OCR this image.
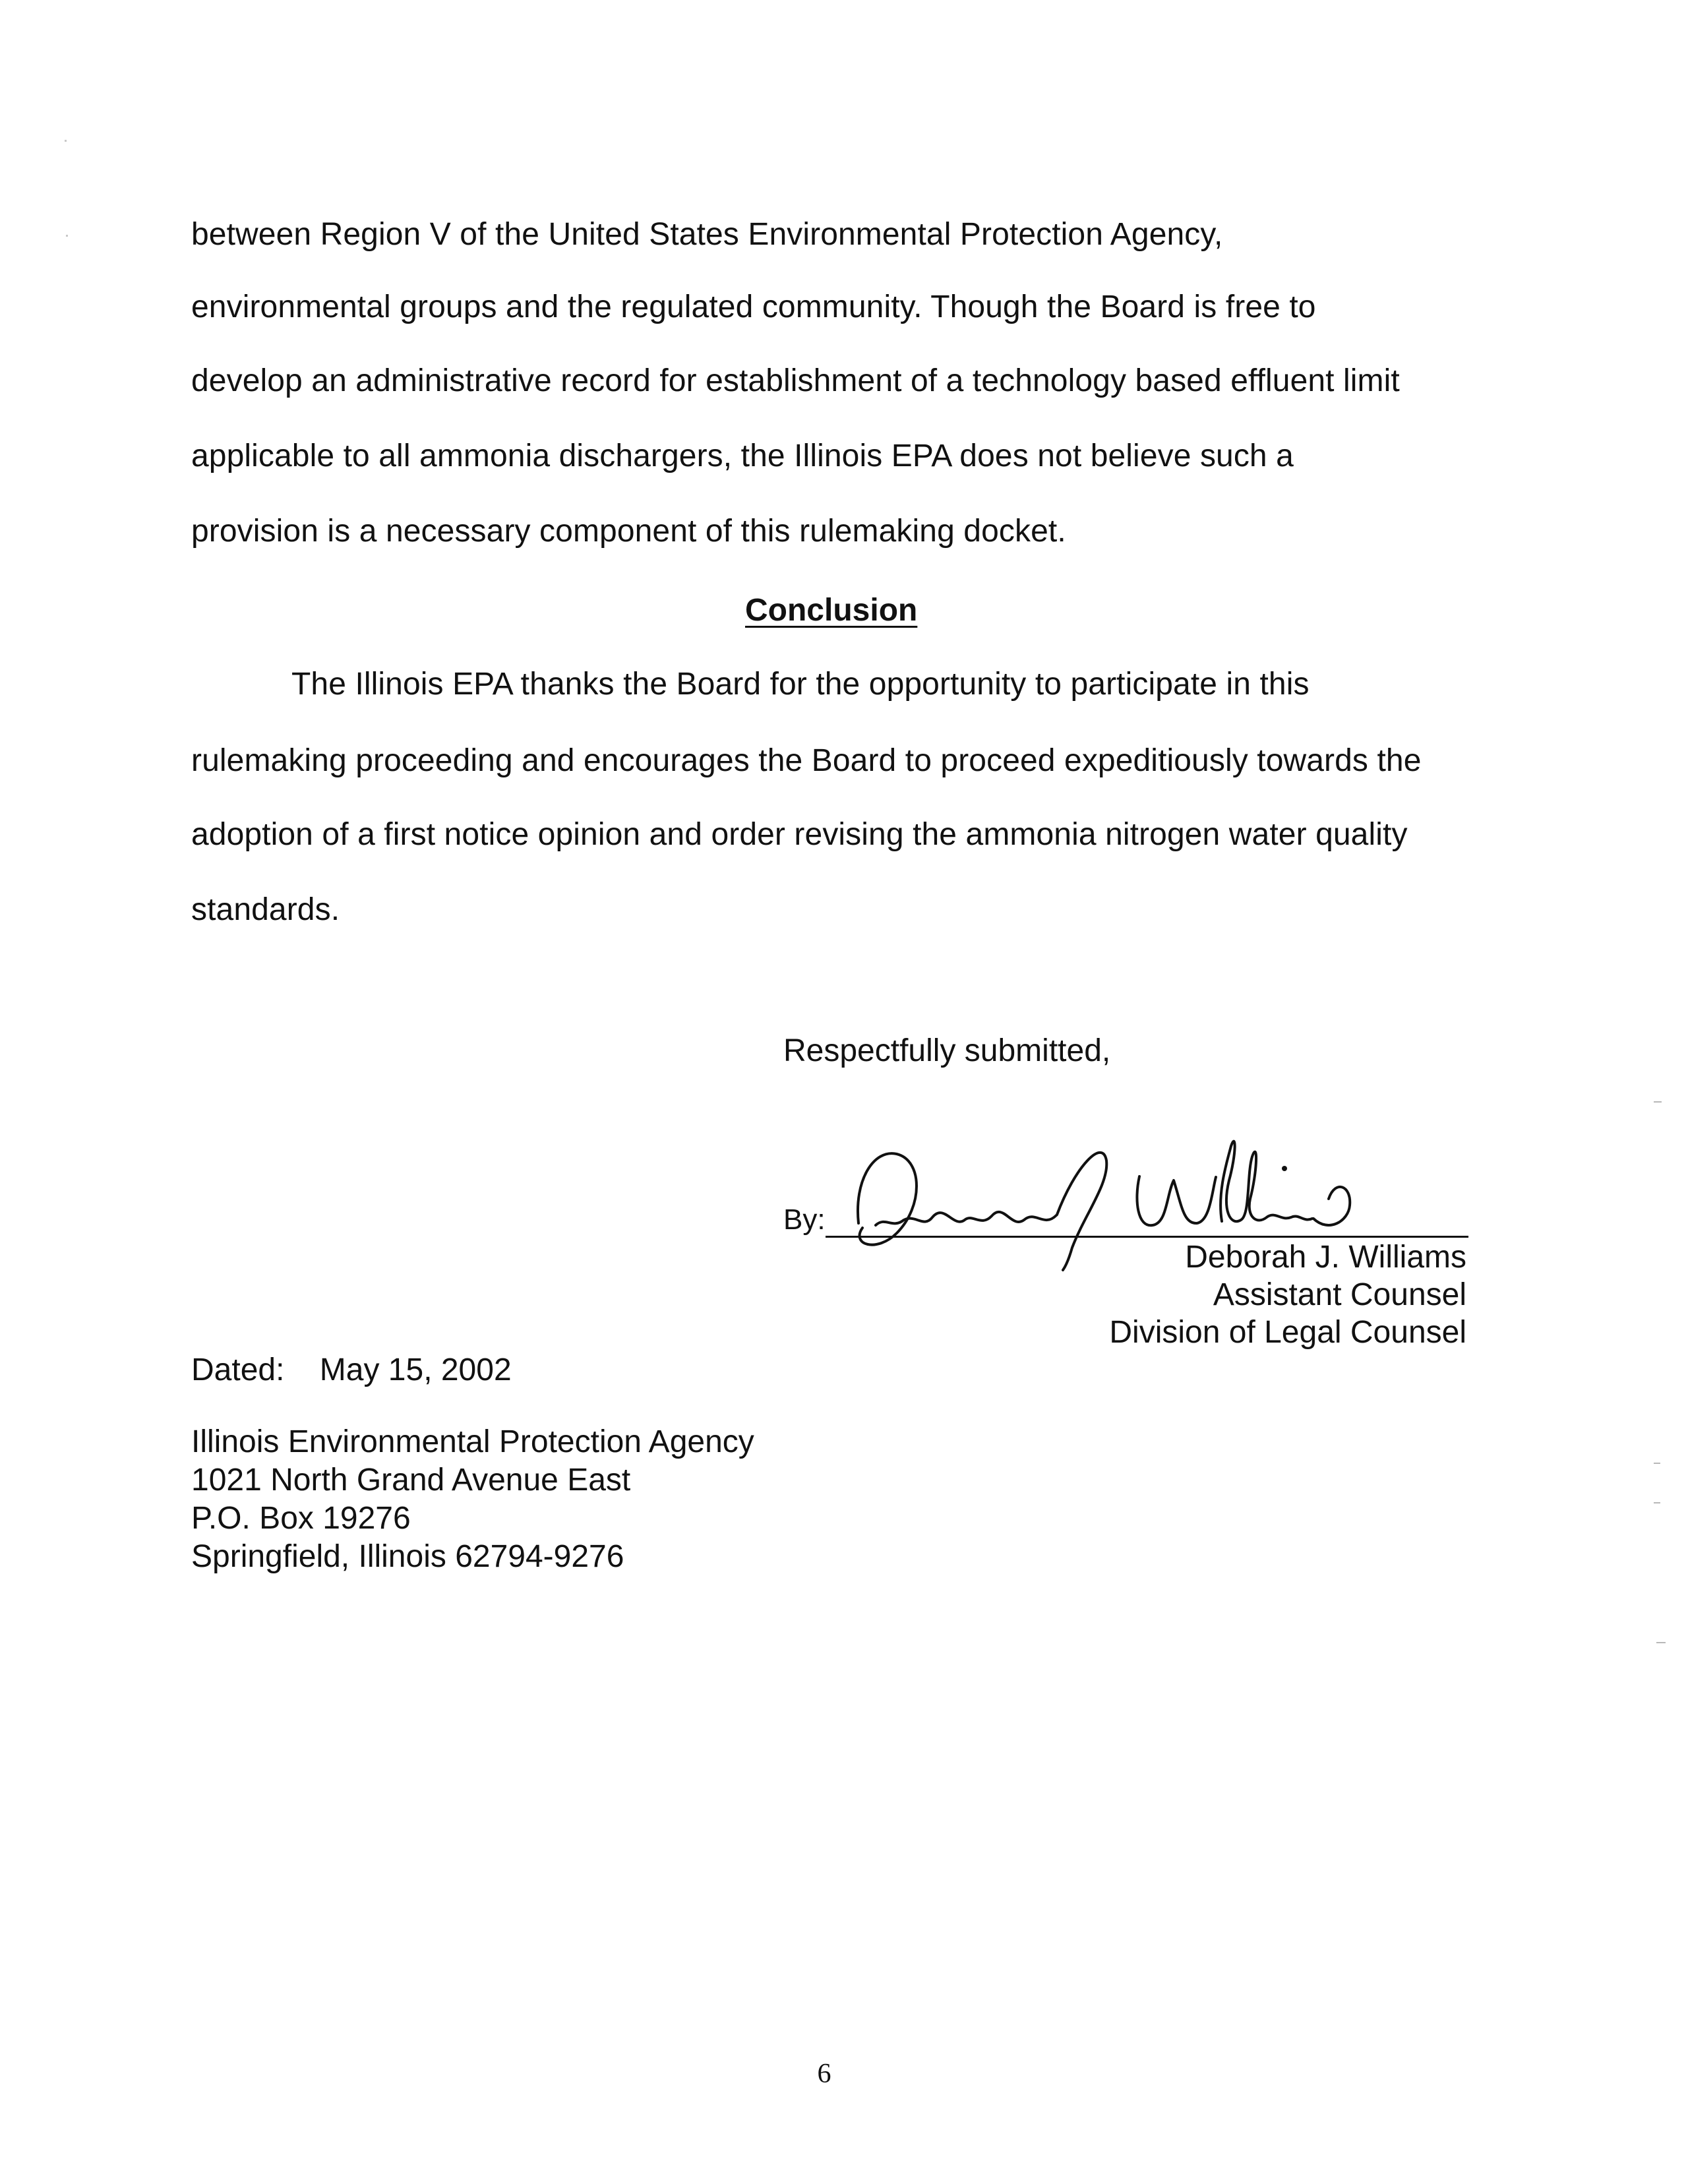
between Region V of the United States Environmental Protection Agency,
environmental groups and the regulated community. Though the Board is free to
develop an administrative record for establishment of a technology based effluent limit
applicable to all ammonia dischargers, the Illinois EPA does not believe such a
provision is a necessary component of this rulemaking docket.
Conclusion
The Illinois EPA thanks the Board for the opportunity to participate in this
rulemaking proceeding and encourages the Board to proceed expeditiously towards the
adoption of a first notice opinion and order revising the ammonia nitrogen water quality
standards.
Respectfully submitted,
By:
Deborah J. Williams
Assistant Counsel
Division of Legal Counsel
Dated: May 15, 2002
Illinois Environmental Protection Agency
1021 North Grand Avenue East
P.O. Box 19276
Springfield, Illinois 62794-9276
6
